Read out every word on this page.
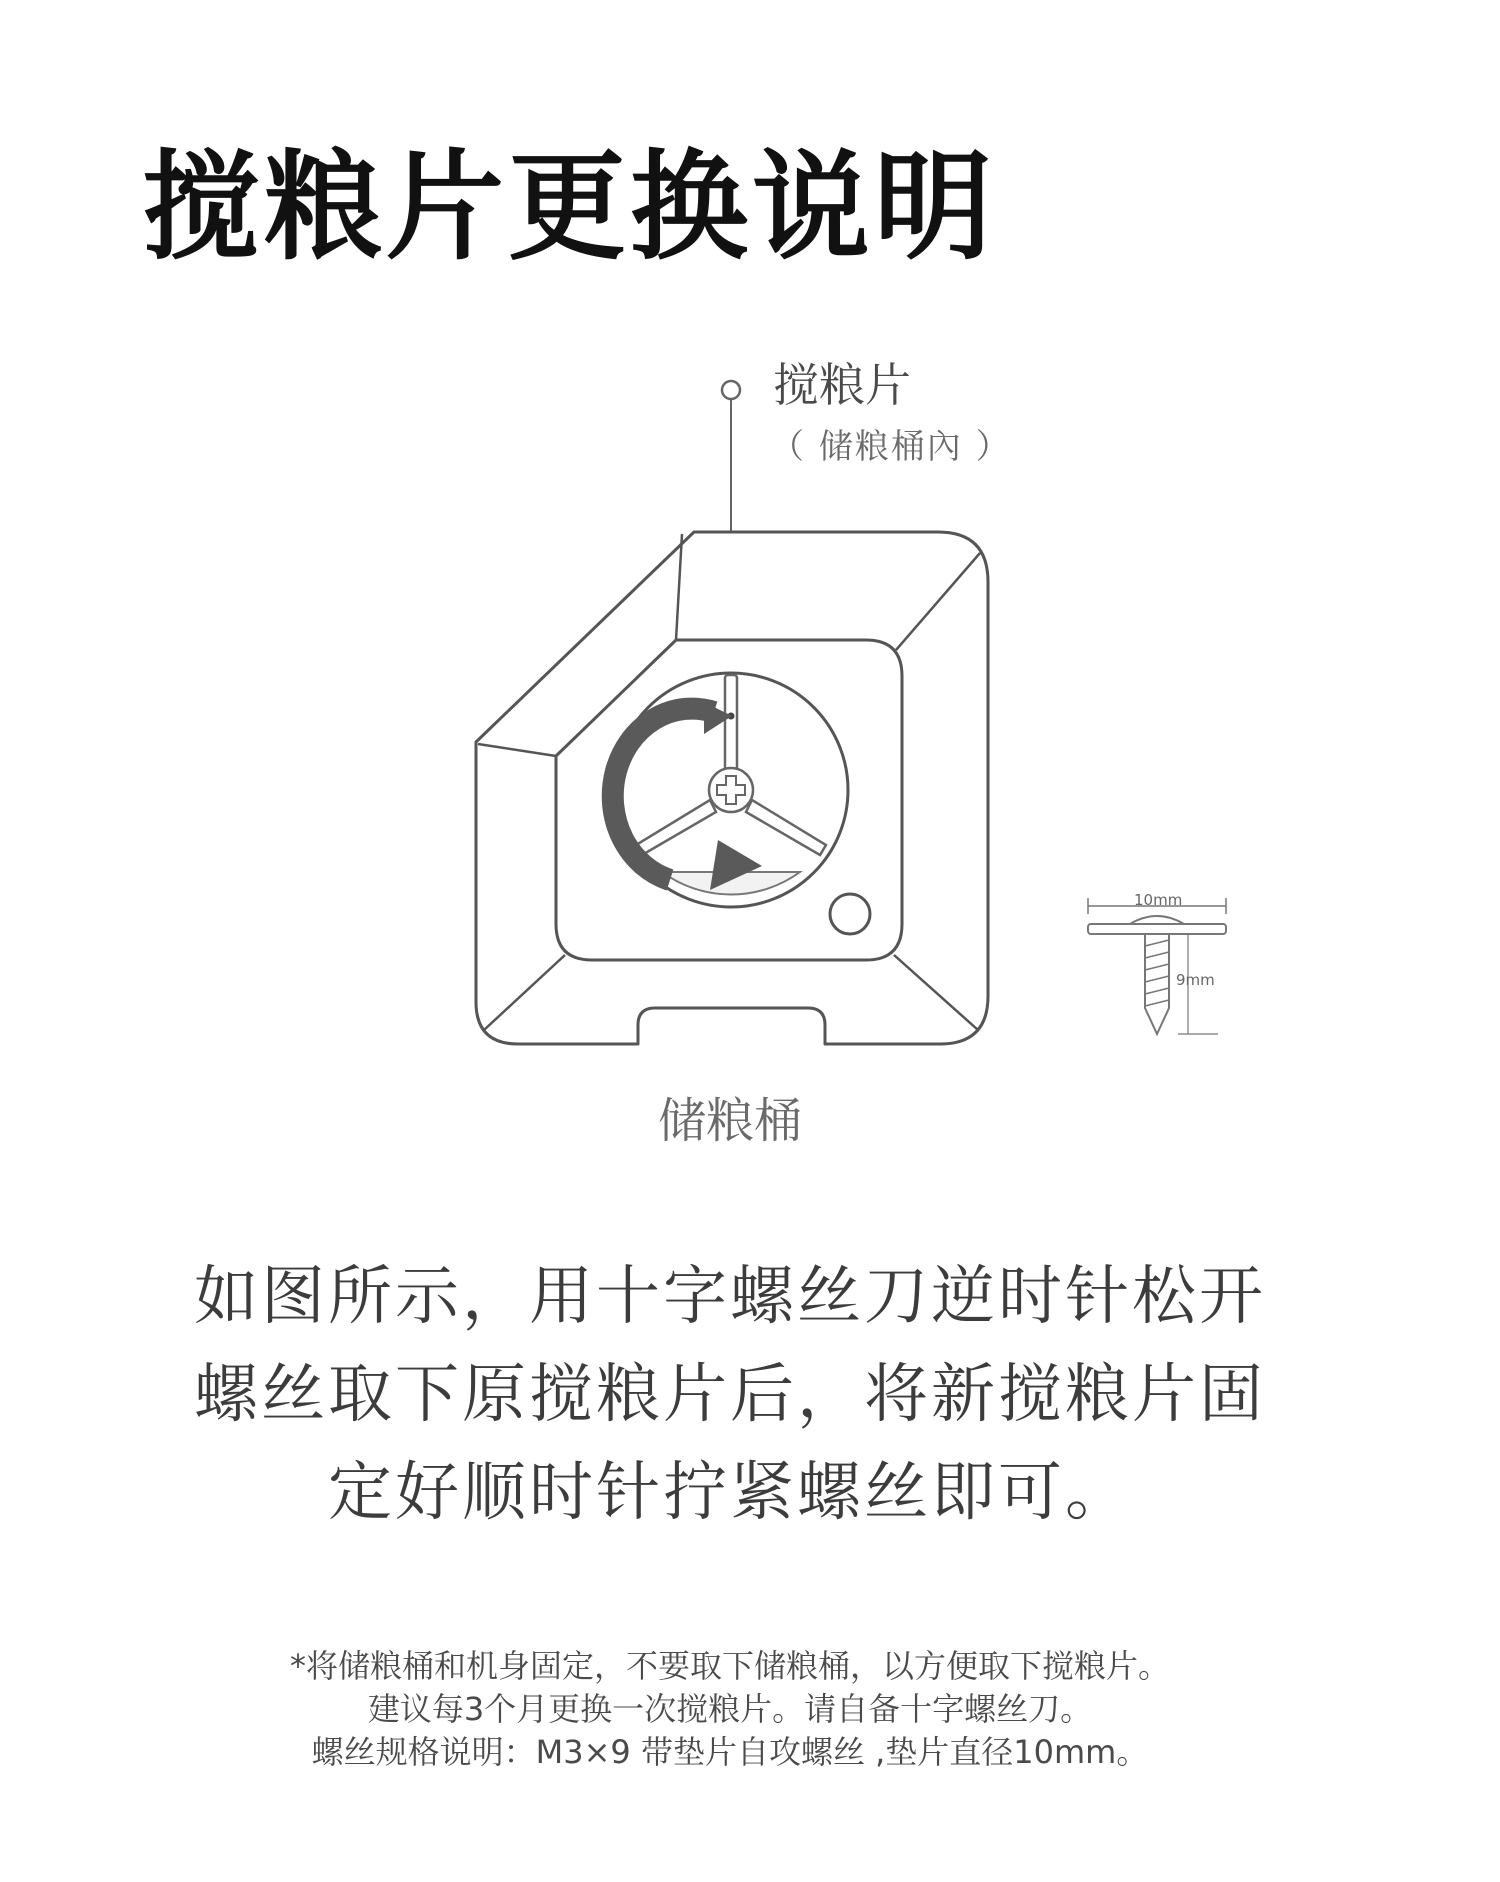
搅粮片更换说明
10mm
9mm
搅粮片
（ 储粮桶內 ）
储粮桶
如图所示，用十字螺丝刀逆时针松开
螺丝取下原搅粮片后，将新搅粮片固
定好顺时针拧紧螺丝即可。
*将储粮桶和机身固定，不要取下储粮桶，以方便取下搅粮片。
建议每3个月更换一次搅粮片。请自备十字螺丝刀。
螺丝规格说明：M3×9 带垫片自攻螺丝 ,垫片直径10mm。
